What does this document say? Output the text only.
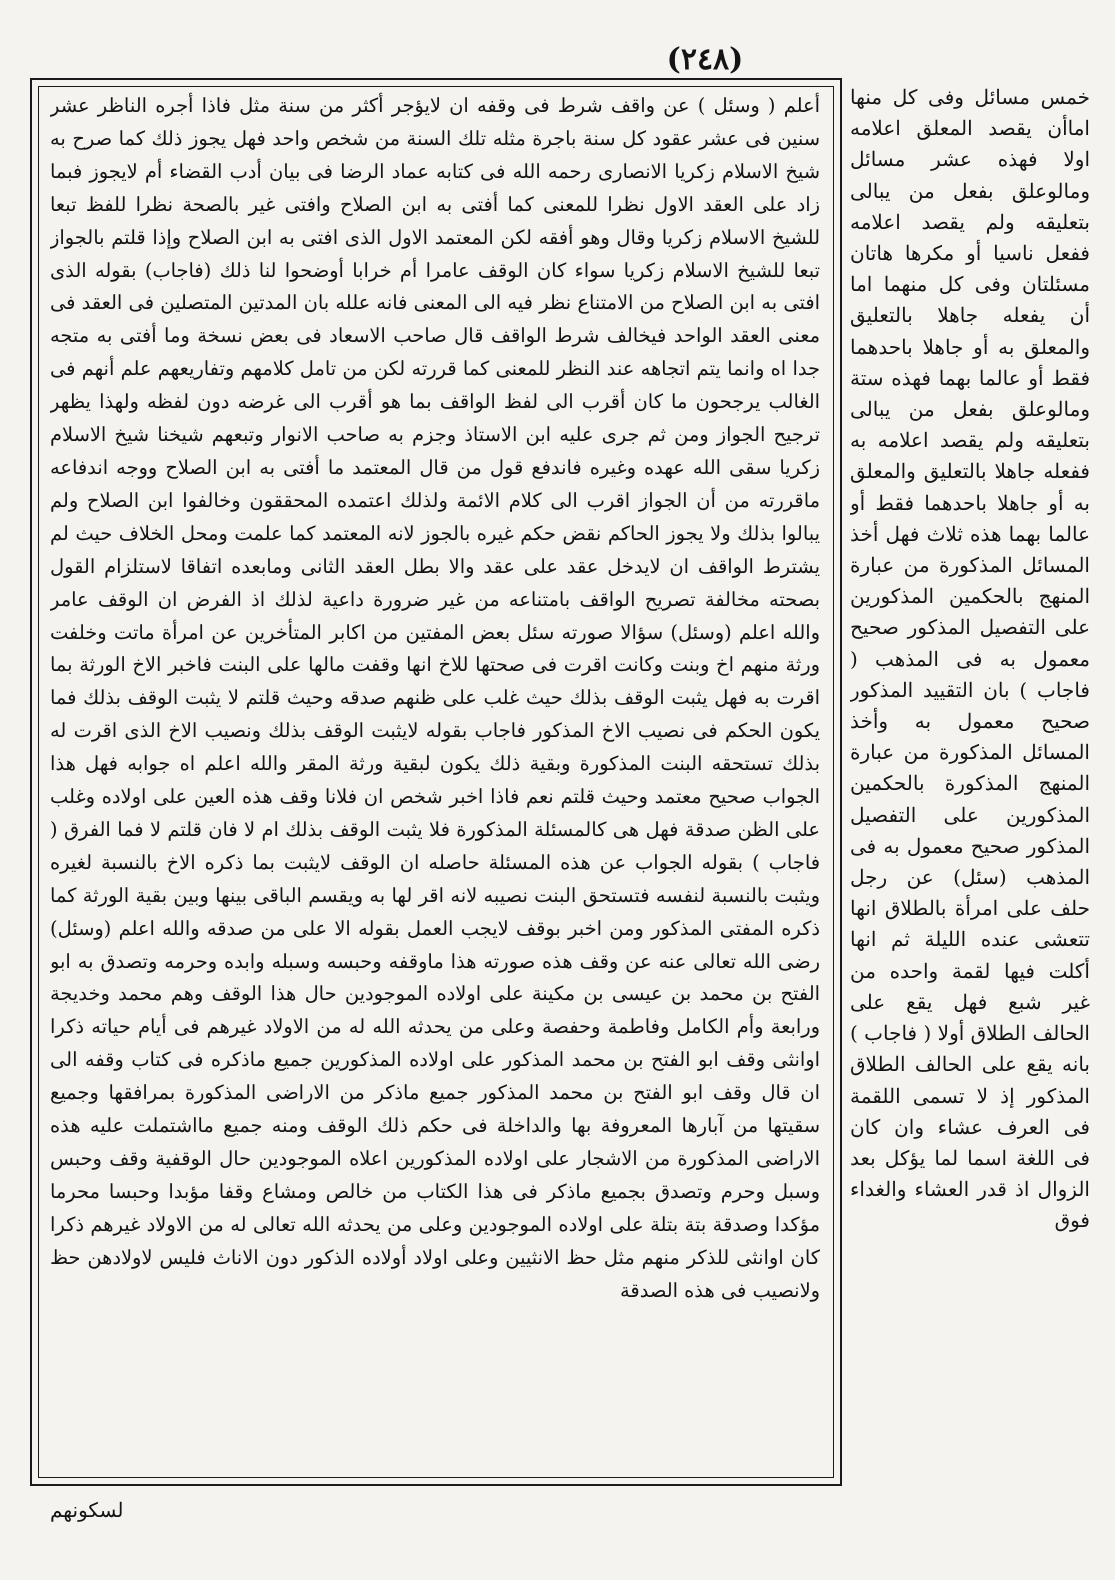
(٢٤٨)
أعلم ( وسئل ) عن واقف شرط فى وقفه ان لايؤجر أكثر من سنة مثل فاذا أجره الناظر عشر سنين فى عشر عقود كل سنة باجرة مثله تلك السنة من شخص واحد فهل يجوز ذلك كما صرح به شيخ الاسلام زكريا الانصارى رحمه الله فى كتابه عماد الرضا فى بيان أدب القضاء أم لايجوز فبما زاد على العقد الاول نظرا للمعنى كما أفتى به ابن الصلاح وافتى غير بالصحة نظرا للفظ تبعا للشيخ الاسلام زكريا وقال وهو أفقه لكن المعتمد الاول الذى افتى به ابن الصلاح وإذا قلتم بالجواز تبعا للشيخ الاسلام زكريا سواء كان الوقف عامرا أم خرابا أوضحوا لنا ذلك (فاجاب) بقوله الذى افتى به ابن الصلاح من الامتناع نظر فيه الى المعنى فانه علله بان المدتين المتصلين فى العقد فى معنى العقد الواحد فيخالف شرط الواقف قال صاحب الاسعاد فى بعض نسخة وما أفتى به متجه جدا اه وانما يتم اتجاهه عند النظر للمعنى كما قررته لكن من تامل كلامهم وتفاريعهم علم أنهم فى الغالب يرجحون ما كان أقرب الى لفظ الواقف بما هو أقرب الى غرضه دون لفظه ولهذا يظهر ترجيح الجواز ومن ثم جرى عليه ابن الاستاذ وجزم به صاحب الانوار وتبعهم شيخنا شيخ الاسلام زكريا سقى الله عهده وغيره فاندفع قول من قال المعتمد ما أفتى به ابن الصلاح ووجه اندفاعه ماقررته من أن الجواز اقرب الى كلام الائمة ولذلك اعتمده المحققون وخالفوا ابن الصلاح ولم يبالوا بذلك ولا يجوز الحاكم نقض حكم غيره بالجوز لانه المعتمد كما علمت ومحل الخلاف حيث لم يشترط الواقف ان لايدخل عقد على عقد والا بطل العقد الثانى ومابعده اتفاقا لاستلزام القول بصحته مخالفة تصريح الواقف بامتناعه من غير ضرورة داعية لذلك اذ الفرض ان الوقف عامر والله اعلم (وسئل) سؤالا صورته سئل بعض المفتين من اكابر المتأخرين عن امرأة ماتت وخلفت ورثة منهم اخ وبنت وكانت اقرت فى صحتها للاخ انها وقفت مالها على البنت فاخبر الاخ الورثة بما اقرت به فهل يثبت الوقف بذلك حيث غلب على ظنهم صدقه وحيث قلتم لا يثبت الوقف بذلك فما يكون الحكم فى نصيب الاخ المذكور فاجاب بقوله لايثبت الوقف بذلك ونصيب الاخ الذى اقرت له بذلك تستحقه البنت المذكورة وبقية ذلك يكون لبقية ورثة المقر والله اعلم اه جوابه فهل هذا الجواب صحيح معتمد وحيث قلتم نعم فاذا اخبر شخص ان فلانا وقف هذه العين على اولاده وغلب على الظن صدقة فهل هى كالمسئلة المذكورة فلا يثبت الوقف بذلك ام لا فان قلتم لا فما الفرق ( فاجاب ) بقوله الجواب عن هذه المسئلة حاصله ان الوقف لايثبت بما ذكره الاخ بالنسبة لغيره ويثبت بالنسبة لنفسه فتستحق البنت نصيبه لانه اقر لها به ويقسم الباقى بينها وبين بقية الورثة كما ذكره المفتى المذكور ومن اخبر بوقف لايجب العمل بقوله الا على من صدقه والله اعلم (وسئل) رضى الله تعالى عنه عن وقف هذه صورته هذا ماوقفه وحبسه وسبله وابده وحرمه وتصدق به ابو الفتح بن محمد بن عيسى بن مكينة على اولاده الموجودين حال هذا الوقف وهم محمد وخديجة ورابعة وأم الكامل وفاطمة وحفصة وعلى من يحدثه الله له من الاولاد غيرهم فى أيام حياته ذكرا اوانثى وقف ابو الفتح بن محمد المذكور على اولاده المذكورين جميع ماذكره فى كتاب وقفه الى ان قال وقف ابو الفتح بن محمد المذكور جميع ماذكر من الاراضى المذكورة بمرافقها وجميع سقيتها من آبارها المعروفة بها والداخلة فى حكم ذلك الوقف ومنه جميع مااشتملت عليه هذه الاراضى المذكورة من الاشجار على اولاده المذكورين اعلاه الموجودين حال الوقفية وقف وحبس وسبل وحرم وتصدق بجميع ماذكر فى هذا الكتاب من خالص ومشاع وقفا مؤبدا وحبسا محرما مؤكدا وصدقة بتة بتلة على اولاده الموجودين وعلى من يحدثه الله تعالى له من الاولاد غيرهم ذكرا كان اوانثى للذكر منهم مثل حظ الانثيين وعلى اولاد أولاده الذكور دون الاناث فليس لاولادهن حظ ولانصيب فى هذه الصدقة
خمس مسائل وفى كل منها اماأن يقصد المعلق اعلامه اولا فهذه عشر مسائل ومالوعلق بفعل من يبالى بتعليقه ولم يقصد اعلامه ففعل ناسيا أو مكرها هاتان مسئلتان وفى كل منهما اما أن يفعله جاهلا بالتعليق والمعلق به أو جاهلا باحدهما فقط أو عالما بهما فهذه ستة ومالوعلق بفعل من يبالى بتعليقه ولم يقصد اعلامه به ففعله جاهلا بالتعليق والمعلق به أو جاهلا باحدهما فقط أو عالما بهما هذه ثلاث فهل أخذ المسائل المذكورة من عبارة المنهج بالحكمين المذكورين على التفصيل المذكور صحيح معمول به فى المذهب ( فاجاب ) بان التقييد المذكور صحيح معمول به وأخذ المسائل المذكورة من عبارة المنهج المذكورة بالحكمين المذكورين على التفصيل المذكور صحيح معمول به فى المذهب (سئل) عن رجل حلف على امرأة بالطلاق انها تتعشى عنده الليلة ثم انها أكلت فيها لقمة واحده من غير شبع فهل يقع على الحالف الطلاق أولا ( فاجاب ) بانه يقع على الحالف الطلاق المذكور إذ لا تسمى اللقمة فى العرف عشاء وان كان فى اللغة اسما لما يؤكل بعد الزوال اذ قدر العشاء والغداء فوق
لسكونهم
